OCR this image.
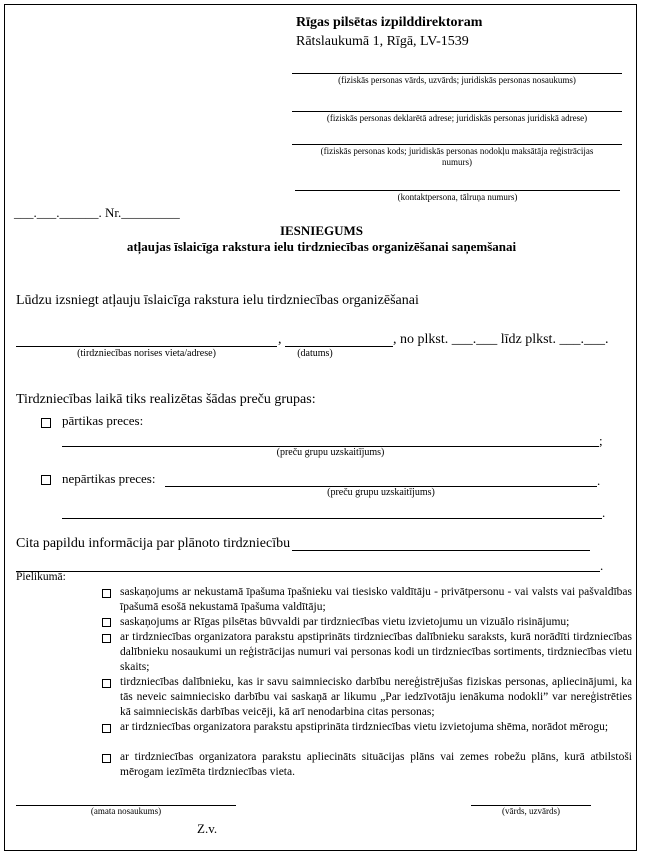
Rīgas pilsētas izpilddirektoram
Rātslaukumā 1, Rīgā, LV-1539
(fiziskās personas vārds, uzvārds; juridiskās personas nosaukums)
(fiziskās personas deklarētā adrese; juridiskās personas juridiskā adrese)
(fiziskās personas kods; juridiskās personas nodokļu maksātāja reģistrācijas
numurs)
(kontaktpersona, tālruņa numurs)
___.___.______. Nr._________
IESNIEGUMS
atļaujas īslaicīga rakstura ielu tirdzniecības organizēšanai saņemšanai
Lūdzu izsniegt atļauju īslaicīga rakstura ielu tirdzniecības organizēšanai
,	, no plkst. ___.___ līdz plkst. ___.___.
(tirdzniecības norises vieta/adrese)	(datums)
Tirdzniecības laikā tiks realizētas šādas preču grupas:
pārtikas preces:
;
(preču grupu uzskaitījums)
nepārtikas preces:	.
(preču grupu uzskaitījums)
.
Cita papildu informācija par plānoto tirdzniecību
.
Pielikumā:
saskaņojums ar nekustamā īpašuma īpašnieku vai tiesisko valdītāju - privātpersonu - vai valsts vai pašvaldības īpašumā esošā nekustamā īpašuma valdītāju;
saskaņojums ar Rīgas pilsētas būvvaldi par tirdzniecības vietu izvietojumu un vizuālo risinājumu;
ar tirdzniecības organizatora parakstu apstiprināts tirdzniecības dalībnieku saraksts, kurā norādīti tirdzniecības dalībnieku nosaukumi un reģistrācijas numuri vai personas kodi un tirdzniecības sortiments, tirdzniecības vietu skaits;
tirdzniecības dalībnieku, kas ir savu saimniecisko darbību nereģistrējušas fiziskas personas, apliecinājumi, ka tās neveic saimniecisko darbību vai saskaņā ar likumu „Par iedzīvotāju ienākuma nodokli” var nereģistrēties kā saimnieciskās darbības veicēji, kā arī nenodarbina citas personas;
ar tirdzniecības organizatora parakstu apstiprināta tirdzniecības vietu izvietojuma shēma, norādot mērogu;
ar tirdzniecības organizatora parakstu apliecināts situācijas plāns vai zemes robežu plāns, kurā atbilstoši mērogam iezīmēta tirdzniecības vieta.
(amata nosaukums)	(vārds, uzvārds)
Z.v.
